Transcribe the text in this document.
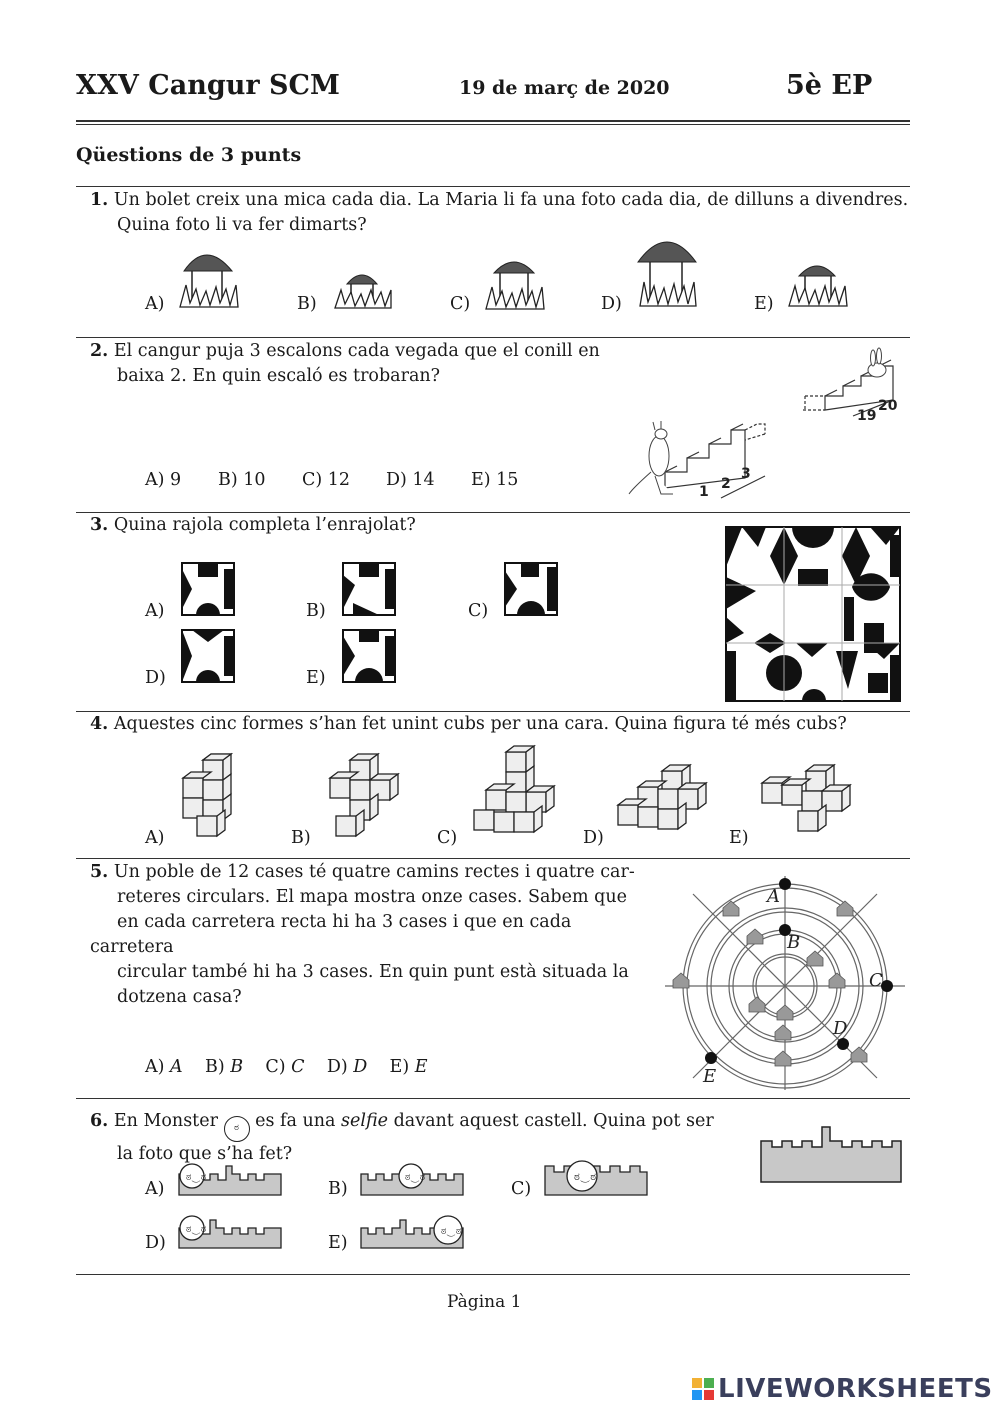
XXV Cangur SCM	19 de març de 2020	5è EP
Qüestions de 3 punts
1. Un bolet creix una mica cada dia. La Maria li fa una foto cada dia, de dilluns a divendres.
Quina foto li va fer dimarts?
A)	B)	C)	D)	E)
2. El cangur puja 3 escalons cada vegada que el conill en
baixa 2. En quin escaló es trobaran?
A) 9 B) 10 C) 12 D) 14 E) 15
19
20
1 2
3
3. Quina rajola completa l’enrajolat?
A)	B)	C)
D)	E)
4. Aquestes cinc formes s’han fet unint cubs per una cara. Quina figura té més cubs?
A)	B)	C)	D)	E)
5. Un poble de 12 cases té quatre camins rectes i quatre car-
reteres circulars. El mapa mostra onze cases. Sabem que
en cada carretera recta hi ha 3 cases i que en cada carretera
circular també hi ha 3 cases. En quin punt està situada la
dotzena casa?
A) A B) B C) C D) D E) E
A
B
C
D
E
6. En Monster ಠ es fa una selfie davant aquest castell. Quina pot ser
la foto que s’ha fet?
A)	B)	C)
D)	E)
ಠ‿ಠ	ಠ‿ಠ	ಠ‿ಠ
ಠ‿ಠ	ಠ‿ಠ
Pàgina 1
LIVEWORKSHEETS
